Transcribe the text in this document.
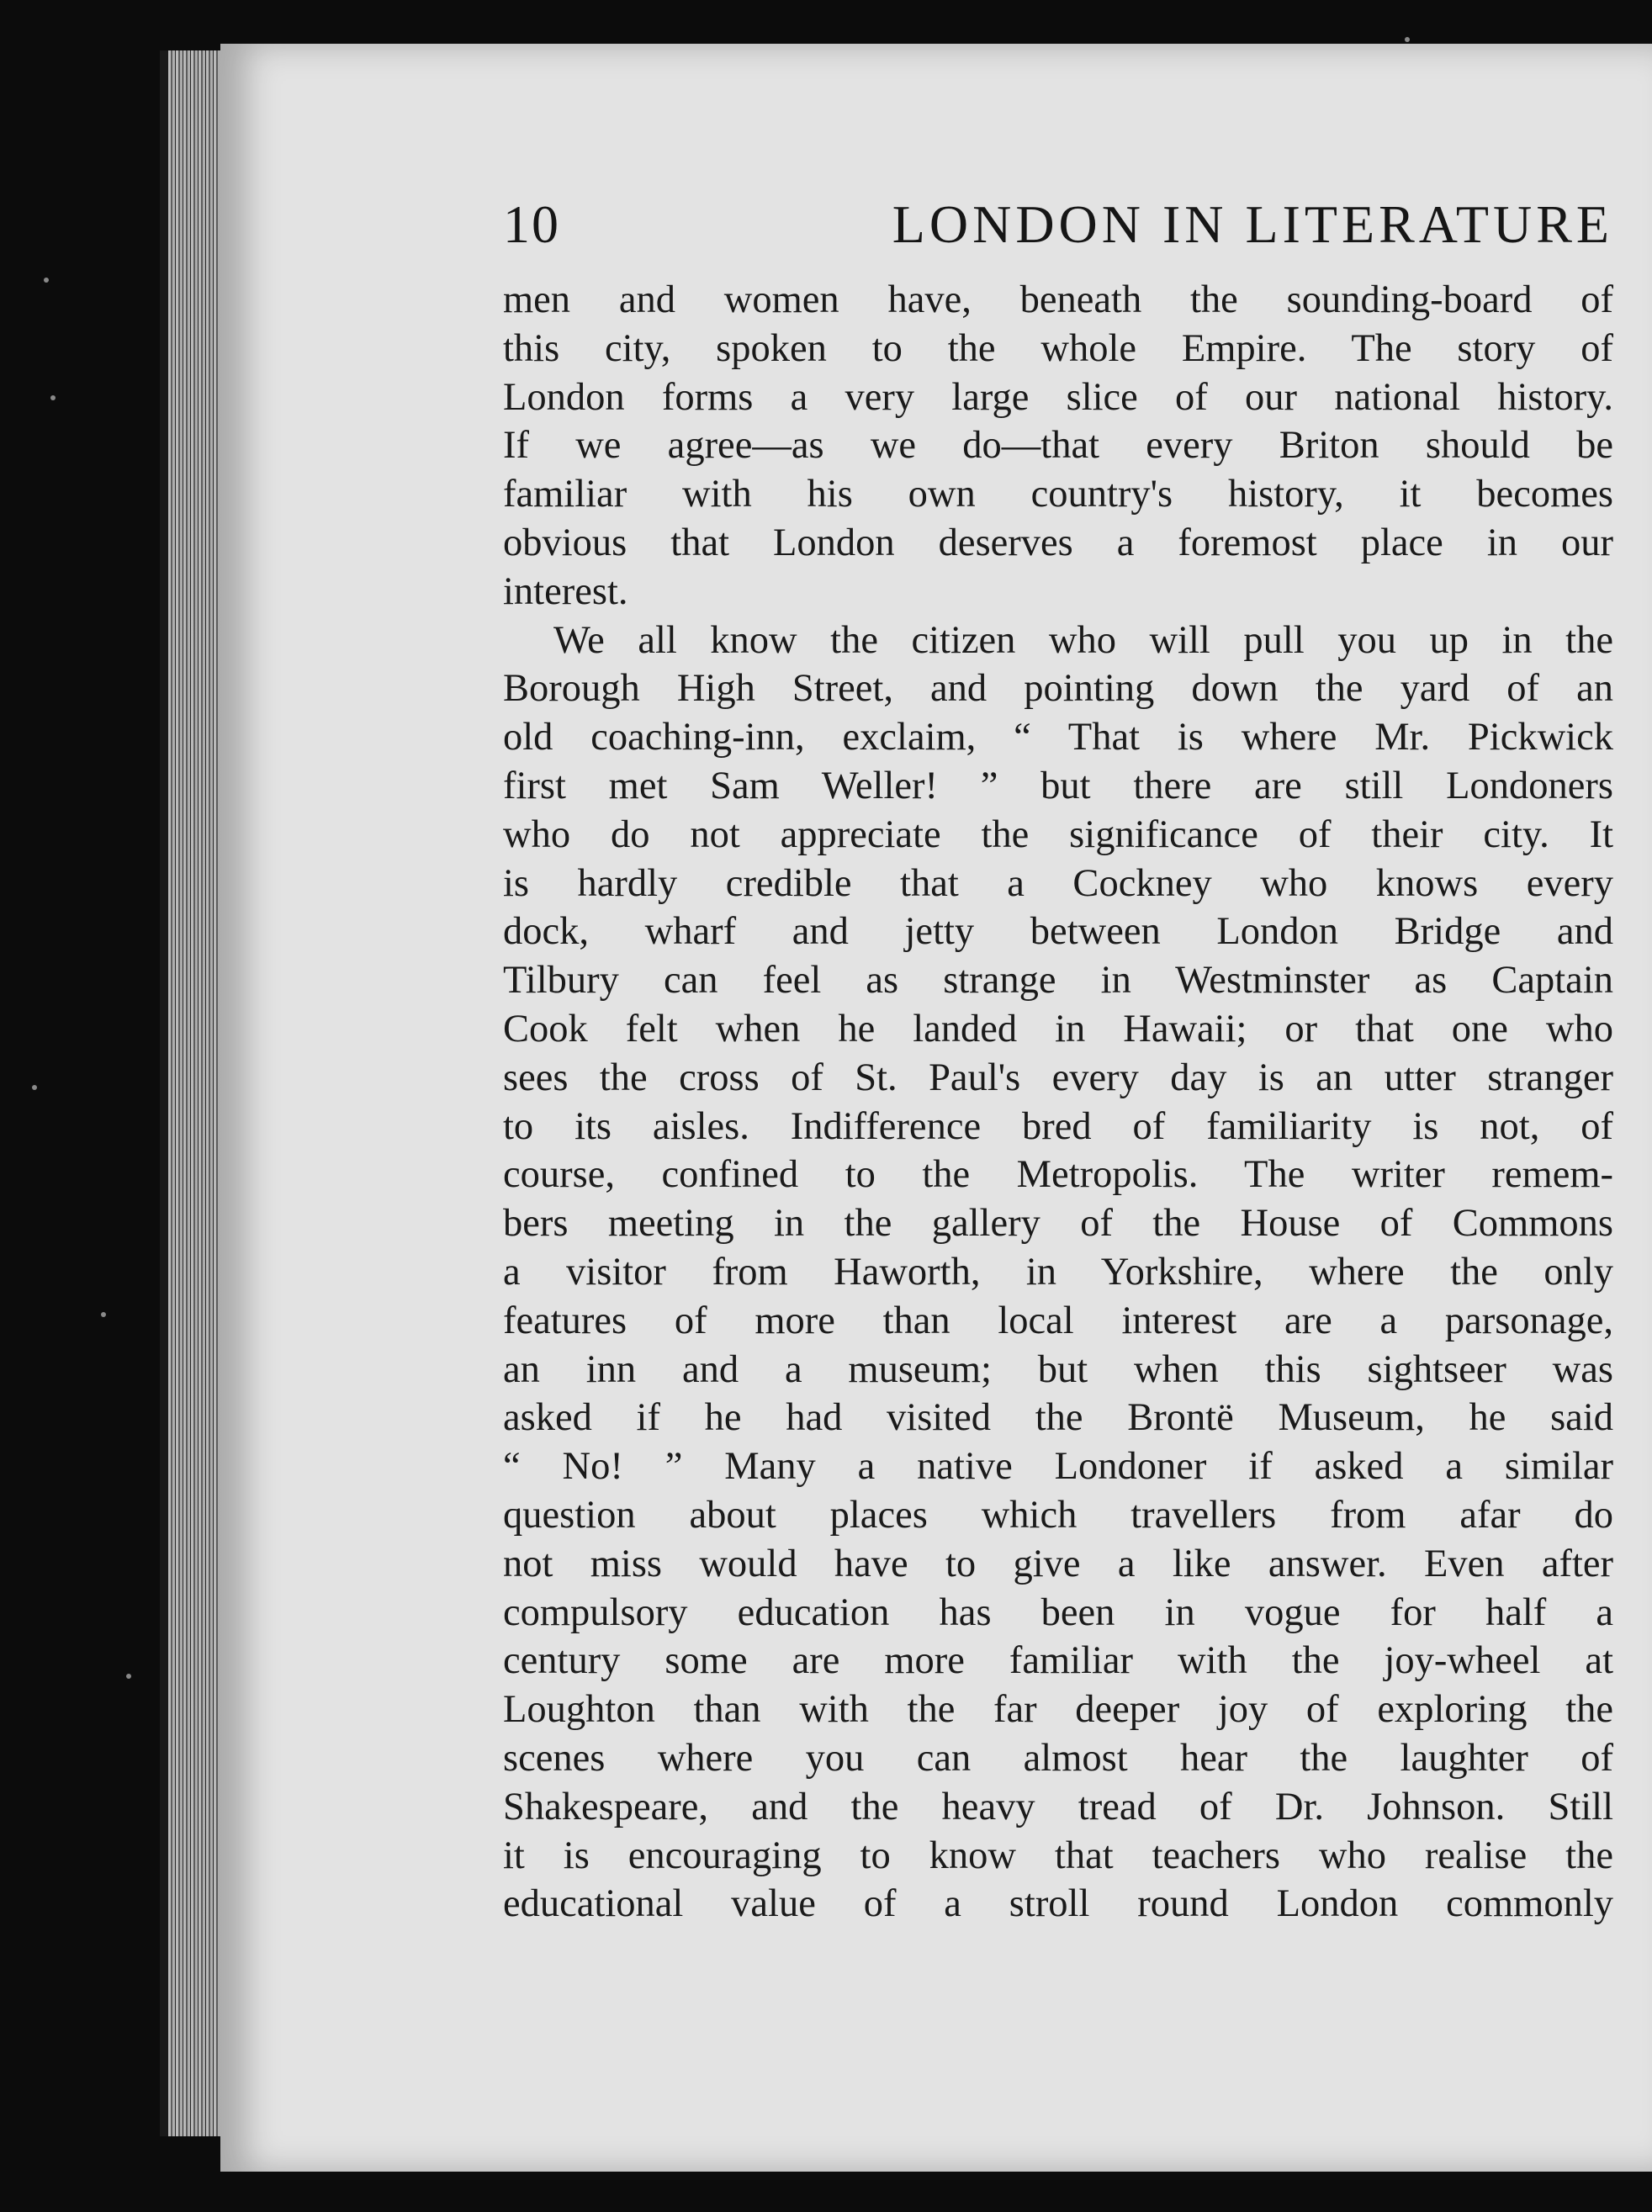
10	LONDON IN LITERATURE
men and women have, beneath the sounding-board of
this city, spoken to the whole Empire. The story of
London forms a very large slice of our national history.
If we agree—as we do—that every Briton should be
familiar with his own country's history, it becomes
obvious that London deserves a foremost place in our
interest.
We all know the citizen who will pull you up in the
Borough High Street, and pointing down the yard of an
old coaching-inn, exclaim, “ That is where Mr. Pickwick
first met Sam Weller! ” but there are still Londoners
who do not appreciate the significance of their city. It
is hardly credible that a Cockney who knows every
dock, wharf and jetty between London Bridge and
Tilbury can feel as strange in Westminster as Captain
Cook felt when he landed in Hawaii; or that one who
sees the cross of St. Paul's every day is an utter stranger
to its aisles. Indifference bred of familiarity is not, of
course, confined to the Metropolis. The writer remem-
bers meeting in the gallery of the House of Commons
a visitor from Haworth, in Yorkshire, where the only
features of more than local interest are a parsonage,
an inn and a museum; but when this sightseer was
asked if he had visited the Brontë Museum, he said
“ No! ” Many a native Londoner if asked a similar
question about places which travellers from afar do
not miss would have to give a like answer. Even after
compulsory education has been in vogue for half a
century some are more familiar with the joy-wheel at
Loughton than with the far deeper joy of exploring the
scenes where you can almost hear the laughter of
Shakespeare, and the heavy tread of Dr. Johnson. Still
it is encouraging to know that teachers who realise the
educational value of a stroll round London commonly
